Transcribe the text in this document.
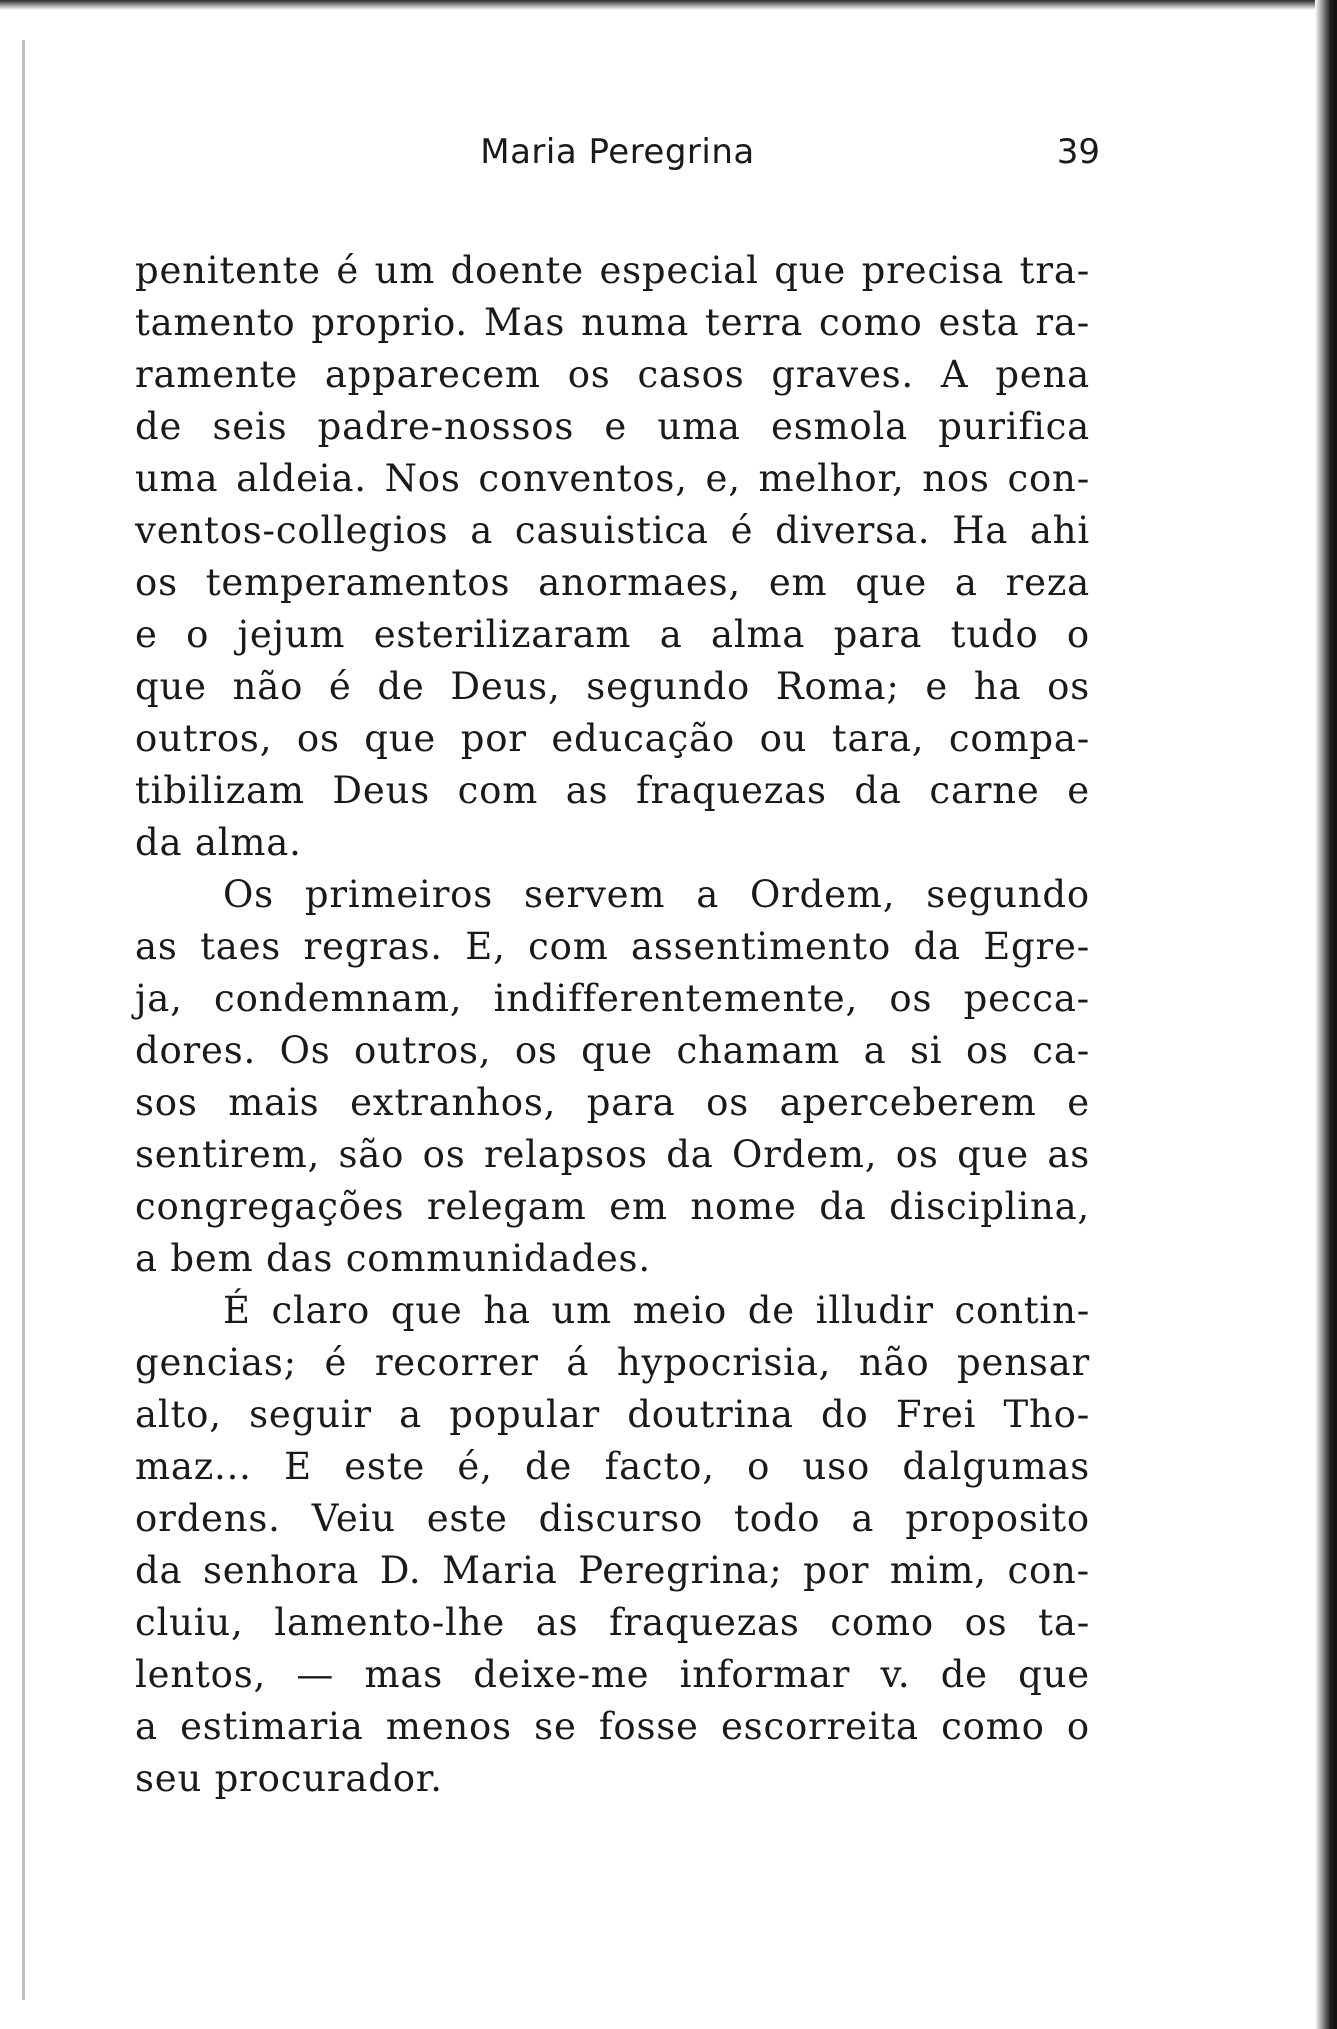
Maria Peregrina	39
penitente é um doente especial que precisa tra-
tamento proprio. Mas numa terra como esta ra-
ramente apparecem os casos graves. A pena
de seis padre-nossos e uma esmola purifica
uma aldeia. Nos conventos, e, melhor, nos con-
ventos-collegios a casuistica é diversa. Ha ahi
os temperamentos anormaes, em que a reza
e o jejum esterilizaram a alma para tudo o
que não é de Deus, segundo Roma; e ha os
outros, os que por educação ou tara, compa-
tibilizam Deus com as fraquezas da carne e
da alma.
Os primeiros servem a Ordem, segundo
as taes regras. E, com assentimento da Egre-
ja, condemnam, indifferentemente, os pecca-
dores. Os outros, os que chamam a si os ca-
sos mais extranhos, para os aperceberem e
sentirem, são os relapsos da Ordem, os que as
congregações relegam em nome da disciplina,
a bem das communidades.
É claro que ha um meio de illudir contin-
gencias; é recorrer á hypocrisia, não pensar
alto, seguir a popular doutrina do Frei Tho-
maz... E este é, de facto, o uso dalgumas
ordens. Veiu este discurso todo a proposito
da senhora D. Maria Peregrina; por mim, con-
cluiu, lamento-lhe as fraquezas como os ta-
lentos, — mas deixe-me informar v. de que
a estimaria menos se fosse escorreita como o
seu procurador.
